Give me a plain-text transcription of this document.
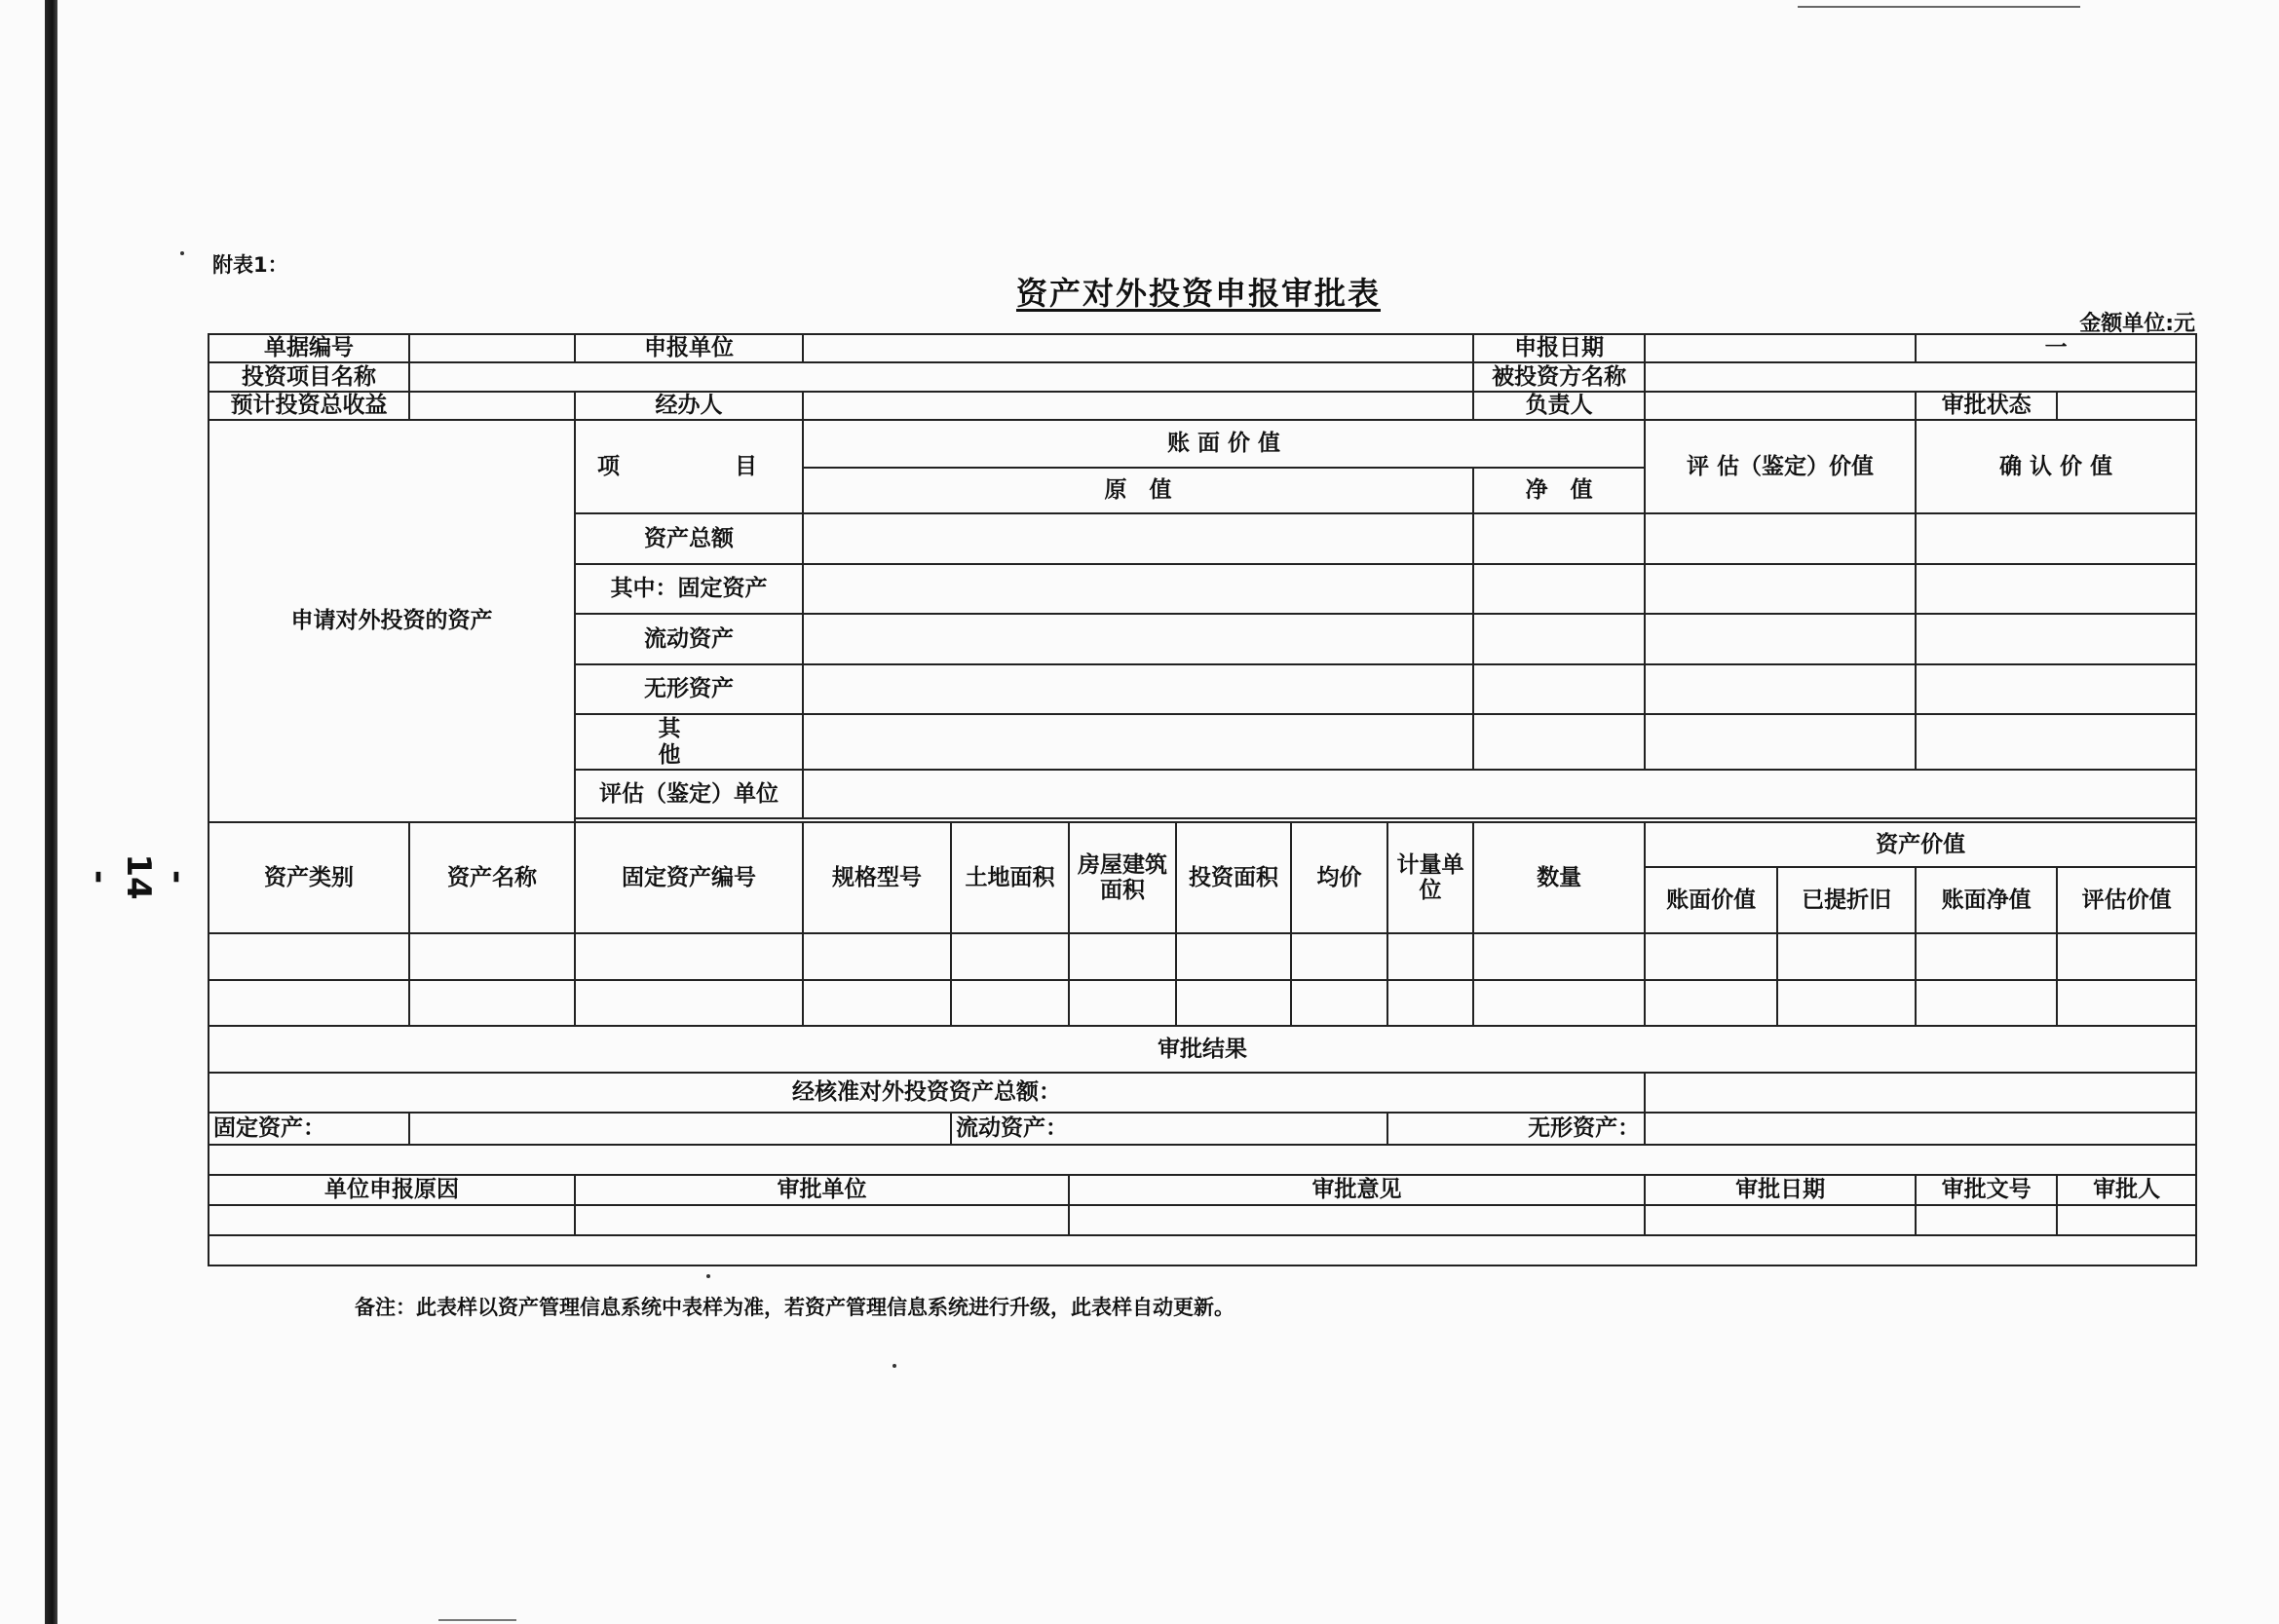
- 14 -
附表1：
资产对外投资申报审批表
金额单位:元
单据编号		申报单位							申报日期			一	
投资项目名称									被投资方名称				
预计投资总收益		经办人							负责人			审批状态	
申请对外投资的资产		项　　目	账 面 价 值							评 估（鉴定）价值		确 认 价 值	
			原　值						净　值				
		资产总额											
		其中：固定资产											
		流动资产											
		无形资产											
		其　　他											
		评估（鉴定）单位											

资产类别	资产名称	固定资产编号	规格型号	土地面积	房屋建筑面积	投资面积	均价	计量单位	数量	资产价值			
										账面价值	已提折旧	账面净值	评估价值

审批结果													
经核准对外投资资产总额：													
固定资产：				流动资产：				无形资产：					

单位申报原因		审批单位			审批意见					审批日期		审批文号	审批人

备注：此表样以资产管理信息系统中表样为准，若资产管理信息系统进行升级，此表样自动更新。
